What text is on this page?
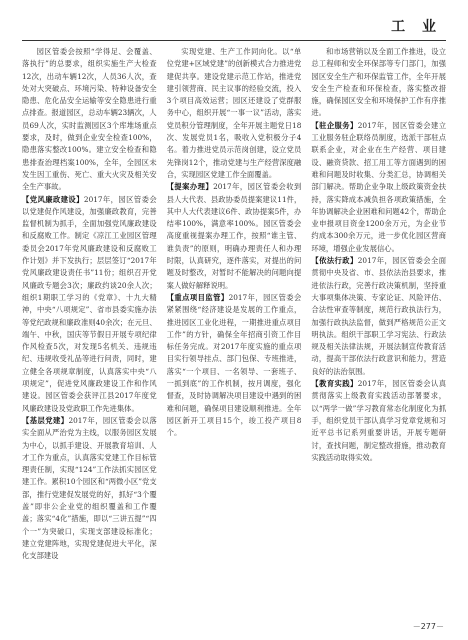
工 业

园区管委会按照“学得足、会覆盖、落执行”的总要求，组织实施生产大检查12次，出动车辆12次，人员36人次，查处对大突破点、环境污染、特种设备安全隐患、危化品安全运输等安全隐患进行重点排查。报道园区，总动车辆23辆次，人员69人次，实时监测园区3个库堆场重点要求，及时，做到企业安全检查100%，隐患落实整改100%。建立安全检查和隐患排查治理档案100%，全年，全园区未发生因工重伤、死亡、重大火灾及相关安全生产事故。

【党风廉政建设】2017年，园区管委会以党建促作风建设，加强廉政教育，完善监督机制为抓手，全面加强党风廉政建设和反腐败工作。制定《凉江工业园区管理委员会2017年党风廉政建设和反腐败工作计划》并下发执行；层层签订“2017年党风廉政建设责任书”11份；组织召开党风廉政专题会3次；廉政约谈20余人次；组织1期职工学习的《党章》、十九大精神，中央“八项规定”、省市县委实施办法等党纪政规和廉政准则40余次；在元旦、端午、中秋，国庆等节假日开展专项纪律作风检查5次，对发现5名机关、违规违纪、违规收受礼品等进行问责，同时，建立健全各项规章制度，认真落实中央“八项规定”，促进党风廉政建设工作和作风建设。园区管委会获评江县2017年度党风廉政建设及党政职工作先进集体。

【基层党建】2017年，园区管委会以落实全面从严治党为主线，以服务园区发展为中心，以抓手建设、开展教育培训、人才工作为重点，认真落实党建工作目标管理责任制，实现“124”工作法抓实园区党建工作。累积10个园区和“两微小区”党支部，推行党建促发展党的好，抓好“3个覆盖”即非公企业党的组织覆盖和工作覆盖；落实“4化”措施，即以“三讲五提”“四个一”为突破口，实现支部建设标准化；建立党建阵地，实现党建促进大平化，深化支部建设

实现党建、生产工作同向化。以“单位党建+区域党建”的创新模式合力推进党建促共享。建设党建示范工作站，推进党建引领营商、民主议事的经验交流，投入3个项目高效运营；园区还建设了党群服务中心，组织开展“一事一议”活动，落实党员积分管理制度，全年开展主题党日18次、发展党员1名，吸收入党积极分子4名。着力推进党员示范岗创建，设立党员先锋岗12个，推动党建与生产经营深度融合，实现园区党建工作全面覆盖。

【提案办理】2017年，园区管委会收到县人大代表、县政协委员提案建议11件，其中人大代表建议6件、政协提案5件，办结率100%，满意率100%。园区管委会高度重视提案办理工作，按照“谁主管、谁负责”的原则，明确办理责任人和办理时限，认真研究，逐件落实，对提出的问题及时整改，对暂时不能解决的问题向提案人做好解释说明。

【重点项目监管】2017年，园区管委会紧紧围绕“经济建设是发展的工作重点，推进园区工业化进程，一期推进重点项目工作”的方针，确保全年招商引资工作目标任务完成。对2017年度实施的重点项目实行领导挂点、部门包保、专班推进，落实“一个项目、一名领导、一套班子、一抓到底”的工作机制，按月调度，强化督查，及时协调解决项目建设中遇到的困难和问题，确保项目建设顺利推进。全年园区新开工项目15个，竣工投产项目8个。

和市场营销以及全面工作推进，设立总工程师和安全环保部等专门部门，加强园区安全生产和环保监管工作，全年开展安全生产检查和环保检查，落实整改措施，确保园区安全和环境保护工作有序推进。

【驻企服务】2017年，园区管委会建立工业服务驻企联络员制度，选派干部驻点联系企业，对企业在生产经营、项目建设、融资贷款、招工用工等方面遇到的困难和问题及时收集、分类汇总，协调相关部门解决。帮助企业争取上级政策资金扶持，落实降成本减负担各项政策措施，全年协调解决企业困难和问题42个，帮助企业申报项目资金1200余万元，为企业节约成本300余万元，进一步优化园区营商环境，增强企业发展信心。

【依法行政】2017年，园区管委会全面贯彻中央及省、市、县依法治县要求，推进依法行政，完善行政决策机制，坚持重大事项集体决策、专家论证、风险评估、合法性审查等制度，规范行政执法行为，加强行政执法监督，做到严格规范公正文明执法。组织干部职工学习宪法、行政法规及相关法律法规，开展法制宣传教育活动，提高干部依法行政意识和能力，营造良好的法治氛围。

【教育实践】2017年，园区管委会认真贯彻落实上级教育实践活动部署要求，以“两学一做”学习教育常态化制度化为抓手，组织党员干部认真学习党章党规和习近平总书记系列重要讲话，开展专题研讨，查找问题，制定整改措施，推动教育实践活动取得实效。

－277－
